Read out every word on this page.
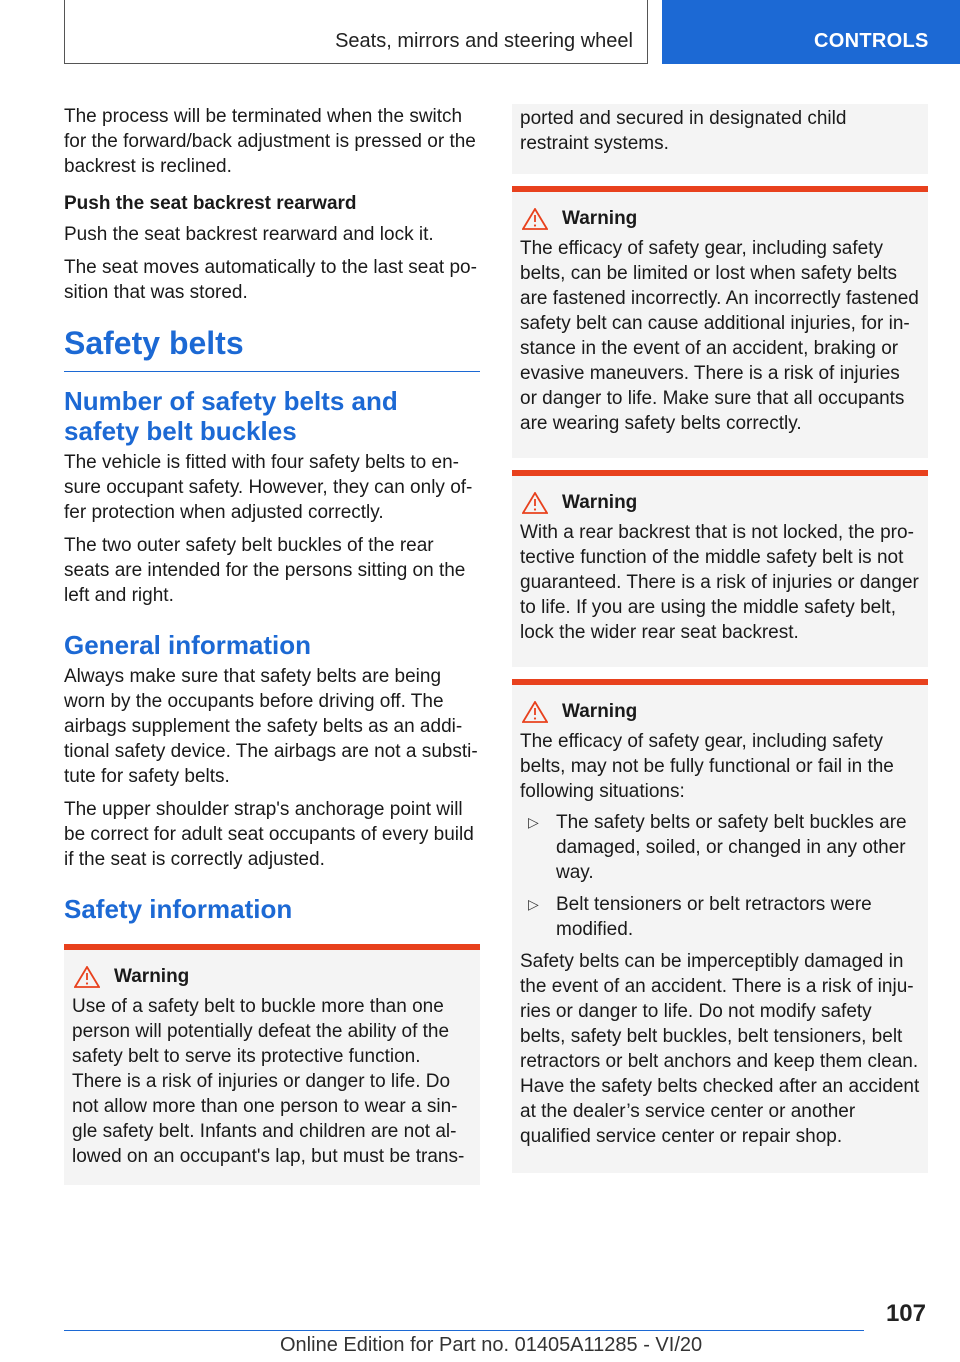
Seats, mirrors and steering wheel	CONTROLS

The process will be terminated when the switch for the forward/back adjustment is pressed or the backrest is reclined.

Push the seat backrest rearward

Push the seat backrest rearward and lock it.

The seat moves automatically to the last seat position that was stored.

Safety belts
Number of safety belts and safety belt buckles

The vehicle is fitted with four safety belts to ensure occupant safety. However, they can only offer protection when adjusted correctly.

The two outer safety belt buckles of the rear seats are intended for the persons sitting on the left and right.

General information

Always make sure that safety belts are being worn by the occupants before driving off. The airbags supplement the safety belts as an additional safety device. The airbags are not a substitute for safety belts.

The upper shoulder strap's anchorage point will be correct for adult seat occupants of every build if the seat is correctly adjusted.

Safety information
Warning

Use of a safety belt to buckle more than one person will potentially defeat the ability of the safety belt to serve its protective function. There is a risk of injuries or danger to life. Do not allow more than one person to wear a single safety belt. Infants and children are not allowed on an occupant's lap, but must be trans-

ported and secured in designated child restraint systems.

Warning

The efficacy of safety gear, including safety belts, can be limited or lost when safety belts are fastened incorrectly. An incorrectly fastened safety belt can cause additional injuries, for instance in the event of an accident, braking or evasive maneuvers. There is a risk of injuries or danger to life. Make sure that all occupants are wearing safety belts correctly.

Warning

With a rear backrest that is not locked, the protective function of the middle safety belt is not guaranteed. There is a risk of injuries or danger to life. If you are using the middle safety belt, lock the wider rear seat backrest.

Warning

The efficacy of safety gear, including safety belts, may not be fully functional or fail in the following situations:

▷ The safety belts or safety belt buckles are damaged, soiled, or changed in any other way.
▷ Belt tensioners or belt retractors were modified.

Safety belts can be imperceptibly damaged in the event of an accident. There is a risk of injuries or danger to life. Do not modify safety belts, safety belt buckles, belt tensioners, belt retractors or belt anchors and keep them clean. Have the safety belts checked after an accident at the dealer’s service center or another qualified service center or repair shop.

107
Online Edition for Part no. 01405A11285 - VI/20
